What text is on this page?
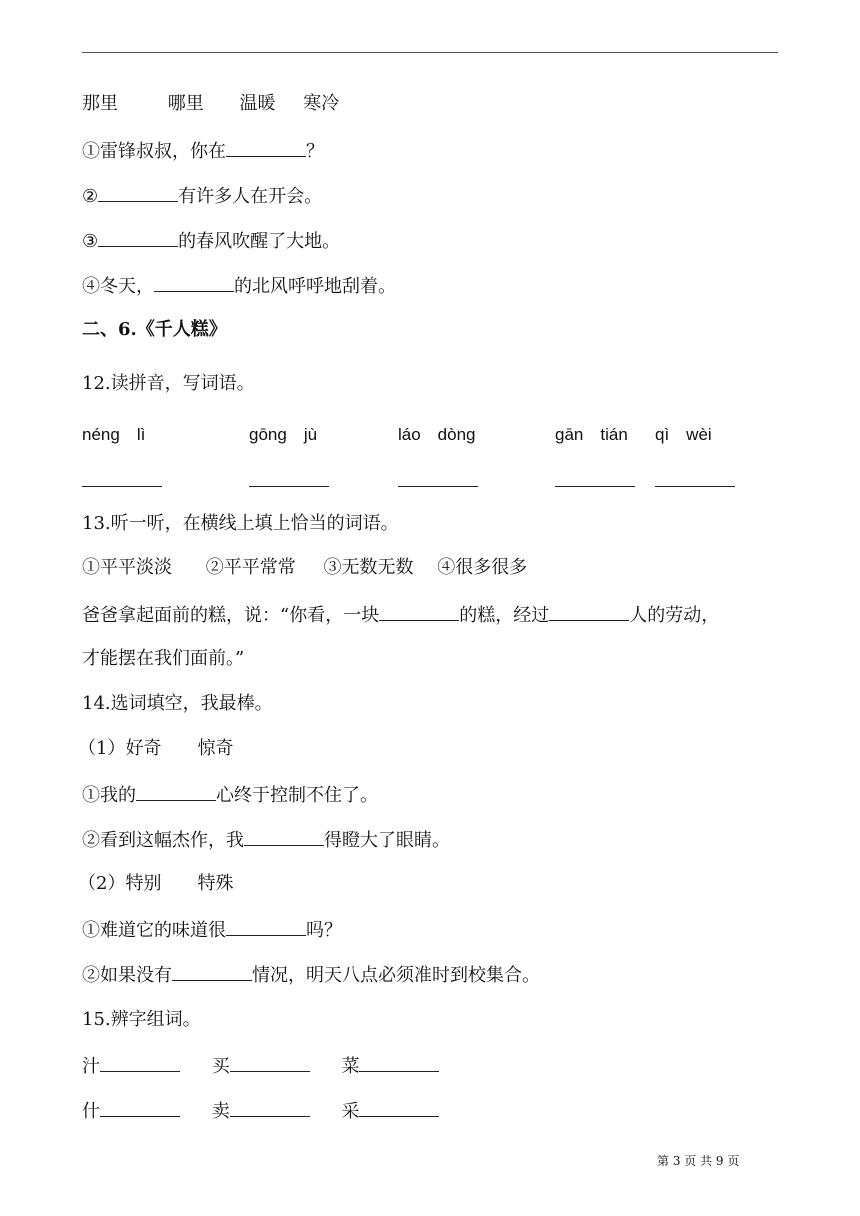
那里	哪里 温暖 寒冷
①雷锋叔叔，你在	？
②	有许多人在开会。
③	的春风吹醒了大地。
④冬天，	的北风呼呼地刮着。
二、6.《千人糕》
12.读拼音，写词语。
néng　lì	gōng　jù	láo　dòng	gān　tián qì　wèi
13.听一听，在横线上填上恰当的词语。
①平平淡淡 ②平平常常 ③无数无数 ④很多很多
爸爸拿起面前的糕，说：“你看，一块	的糕，经过	人的劳动，
才能摆在我们面前。”
14.选词填空，我最棒。
（1）好奇　　惊奇
①我的	心终于控制不住了。
②看到这幅杰作，我	得瞪大了眼睛。
（2）特别　　特殊
①难道它的味道很	吗？
②如果没有	情况，明天八点必须准时到校集合。
15.辨字组词。
汁	买	菜
什	卖	采
第 3 页 共 9 页
